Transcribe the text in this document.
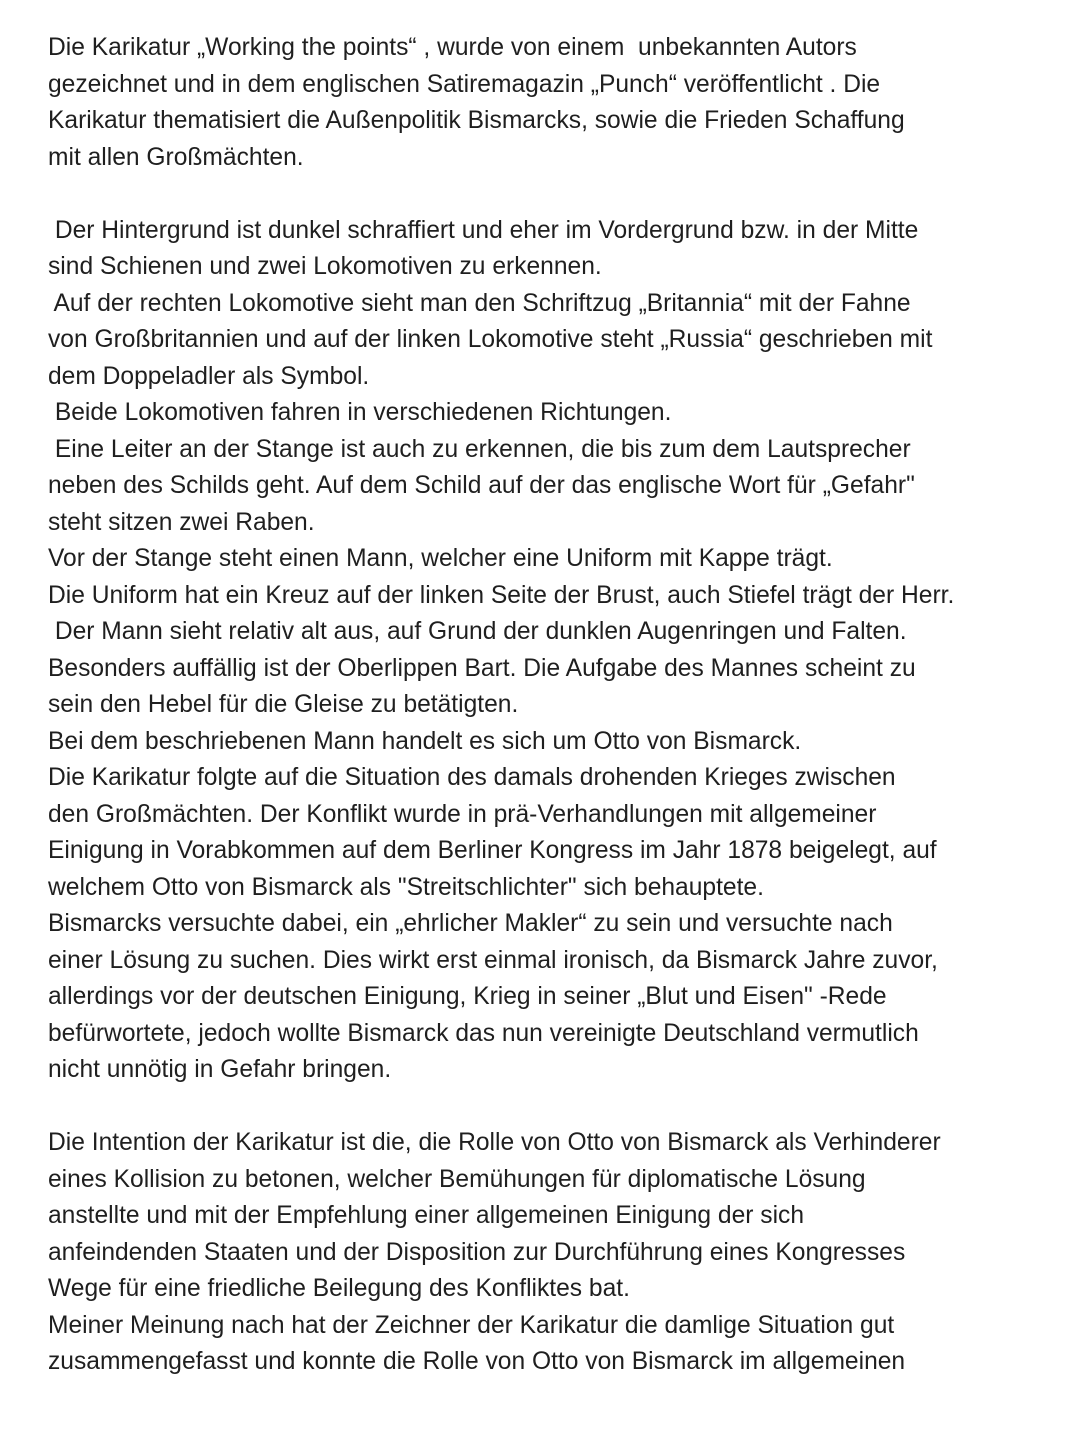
Die Karikatur „Working the points“ , wurde von einem  unbekannten Autors
gezeichnet und in dem englischen Satiremagazin „Punch“ veröffentlicht . Die
Karikatur thematisiert die Außenpolitik Bismarcks, sowie die Frieden Schaffung
mit allen Großmächten.
Der Hintergrund ist dunkel schraffiert und eher im Vordergrund bzw. in der Mitte
sind Schienen und zwei Lokomotiven zu erkennen.
Auf der rechten Lokomotive sieht man den Schriftzug „Britannia“ mit der Fahne
von Großbritannien und auf der linken Lokomotive steht „Russia“ geschrieben mit
dem Doppeladler als Symbol.
Beide Lokomotiven fahren in verschiedenen Richtungen.
Eine Leiter an der Stange ist auch zu erkennen, die bis zum dem Lautsprecher
neben des Schilds geht. Auf dem Schild auf der das englische Wort für „Gefahr"
steht sitzen zwei Raben.
Vor der Stange steht einen Mann, welcher eine Uniform mit Kappe trägt.
Die Uniform hat ein Kreuz auf der linken Seite der Brust, auch Stiefel trägt der Herr.
Der Mann sieht relativ alt aus, auf Grund der dunklen Augenringen und Falten.
Besonders auffällig ist der Oberlippen Bart. Die Aufgabe des Mannes scheint zu
sein den Hebel für die Gleise zu betätigten.
Bei dem beschriebenen Mann handelt es sich um Otto von Bismarck.
Die Karikatur folgte auf die Situation des damals drohenden Krieges zwischen
den Großmächten. Der Konflikt wurde in prä-Verhandlungen mit allgemeiner
Einigung in Vorabkommen auf dem Berliner Kongress im Jahr 1878 beigelegt, auf
welchem Otto von Bismarck als "Streitschlichter" sich behauptete.
Bismarcks versuchte dabei, ein „ehrlicher Makler“ zu sein und versuchte nach
einer Lösung zu suchen. Dies wirkt erst einmal ironisch, da Bismarck Jahre zuvor,
allerdings vor der deutschen Einigung, Krieg in seiner „Blut und Eisen" -Rede
befürwortete, jedoch wollte Bismarck das nun vereinigte Deutschland vermutlich
nicht unnötig in Gefahr bringen.
Die Intention der Karikatur ist die, die Rolle von Otto von Bismarck als Verhinderer
eines Kollision zu betonen, welcher Bemühungen für diplomatische Lösung
anstellte und mit der Empfehlung einer allgemeinen Einigung der sich
anfeindenden Staaten und der Disposition zur Durchführung eines Kongresses
Wege für eine friedliche Beilegung des Konfliktes bat.
Meiner Meinung nach hat der Zeichner der Karikatur die damlige Situation gut
zusammengefasst und konnte die Rolle von Otto von Bismarck im allgemeinen
